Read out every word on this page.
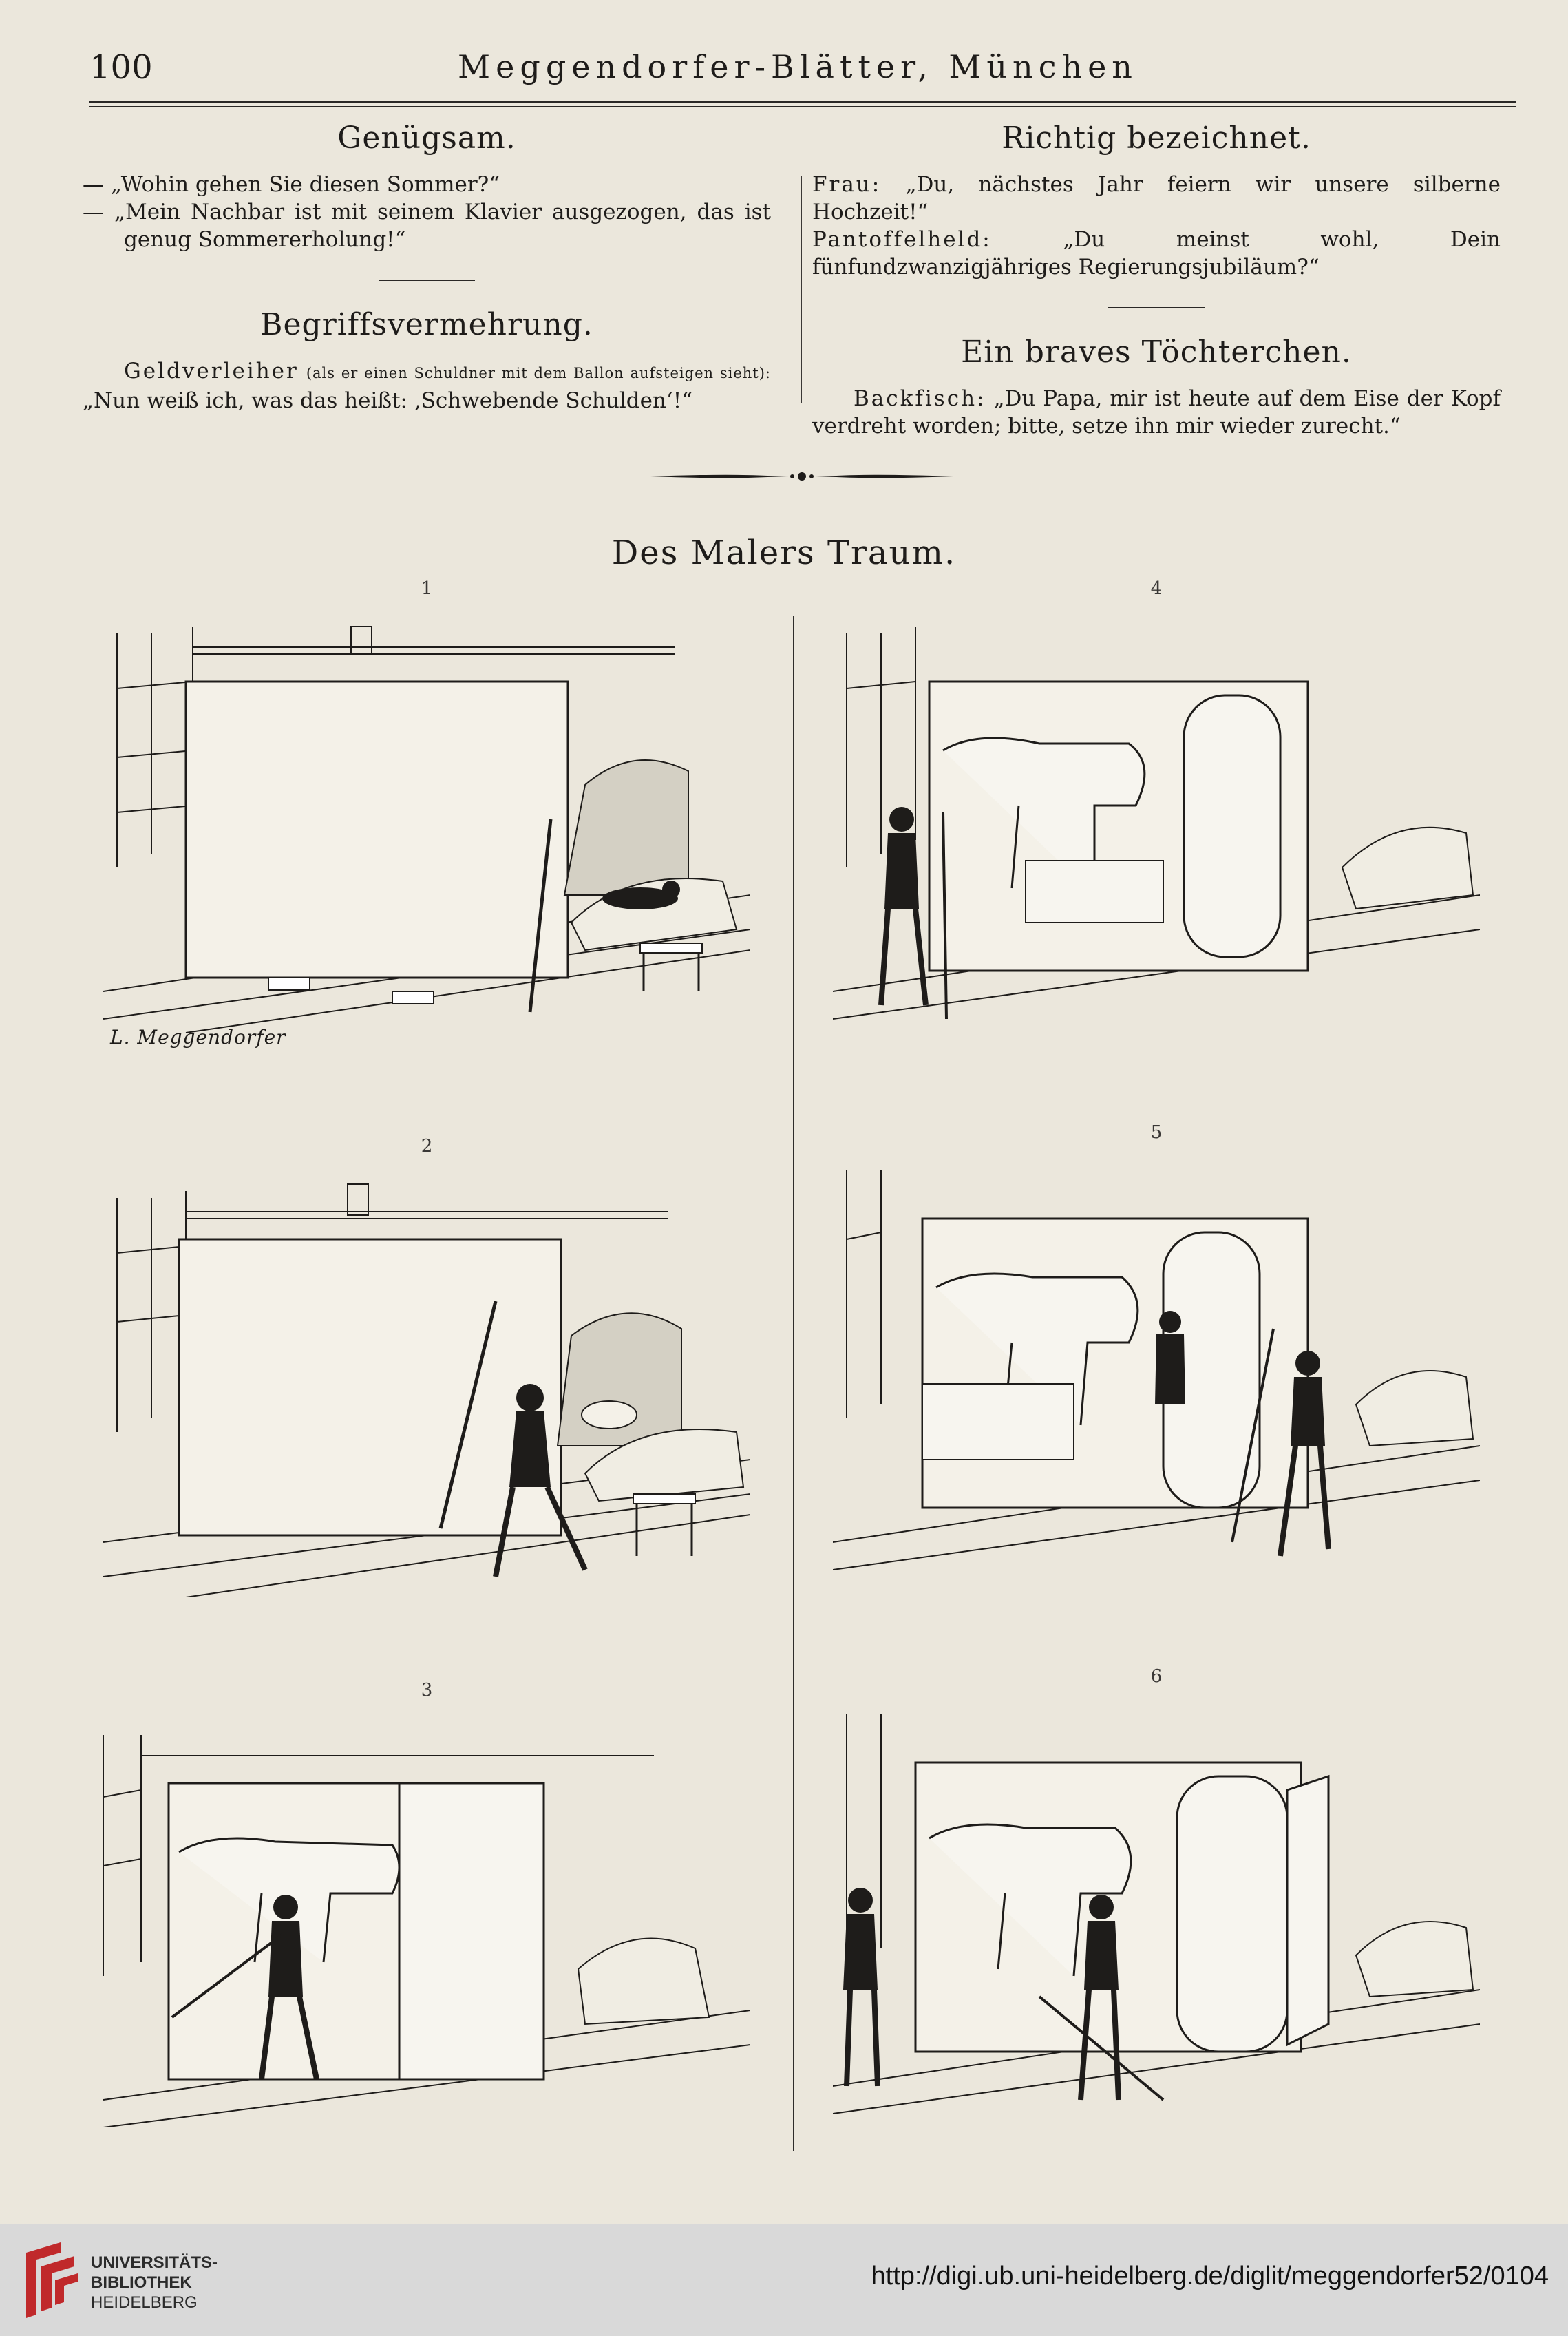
100	Meggendorfer-Blätter, München
Genügsam.

— „Wohin gehen Sie diesen Sommer?“

— „Mein Nachbar ist mit seinem Klavier ausgezogen, das ist genug Sommererholung!“

Begriffsvermehrung.

Geldverleiher (als er einen Schuldner mit dem Ballon aufsteigen sieht): „Nun weiß ich, was das heißt: ‚Schwebende Schulden‘!“

Richtig bezeichnet.

Frau: „Du, nächstes Jahr feiern wir unsere silberne Hochzeit!“

Pantoffelheld:	„Du meinst wohl, Dein fünfundzwanzigjähriges Regierungsjubiläum?“

Ein braves Töchterchen.

Backfisch: „Du Papa, mir ist heute auf dem Eise der Kopf verdreht worden; bitte, setze ihn mir wieder zurecht.“

Des Malers Traum.
1
2
3
4
5
6
L. Meggendorfer
UNIVERSITÄTS-
BIBLIOTHEK
HEIDELBERG
http://digi.ub.uni-heidelberg.de/diglit/meggendorfer52/0104
